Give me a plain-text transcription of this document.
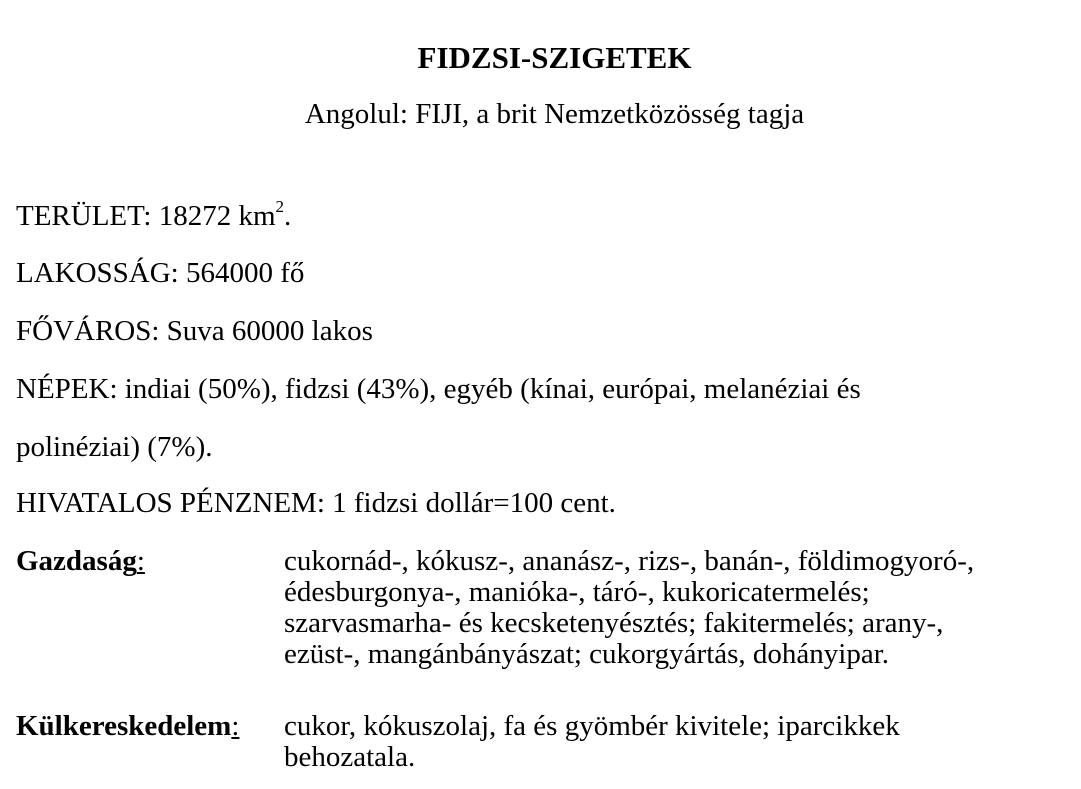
FIDZSI-SZIGETEK

Angolul: FIJI, a brit Nemzetközösség tagja

TERÜLET: 18272 $km^2$.

LAKOSSÁG: 564000 fő

FŐVÁROS: Suva 60000 lakos

NÉPEK: indiai (50%), fidzsi (43%), egyéb (kínai, európai, melanéziai és

polinéziai) (7%).

HIVATALOS PÉNZNEM: 1 fidzsi dollár=100 cent.

Gazdaság:	cukornád-, kókusz-, ananász-, rizs-, banán-, földimogyoró-,
édesburgonya-, manióka-, táró-, kukoricatermelés;
szarvasmarha- és kecsketenyésztés; fakitermelés; arany-,
ezüst-, mangánbányászat; cukorgyártás, dohányipar.
Külkereskedelem: cukor, kókuszolaj, fa és gyömbér kivitele; iparcikkek
behozatala.
